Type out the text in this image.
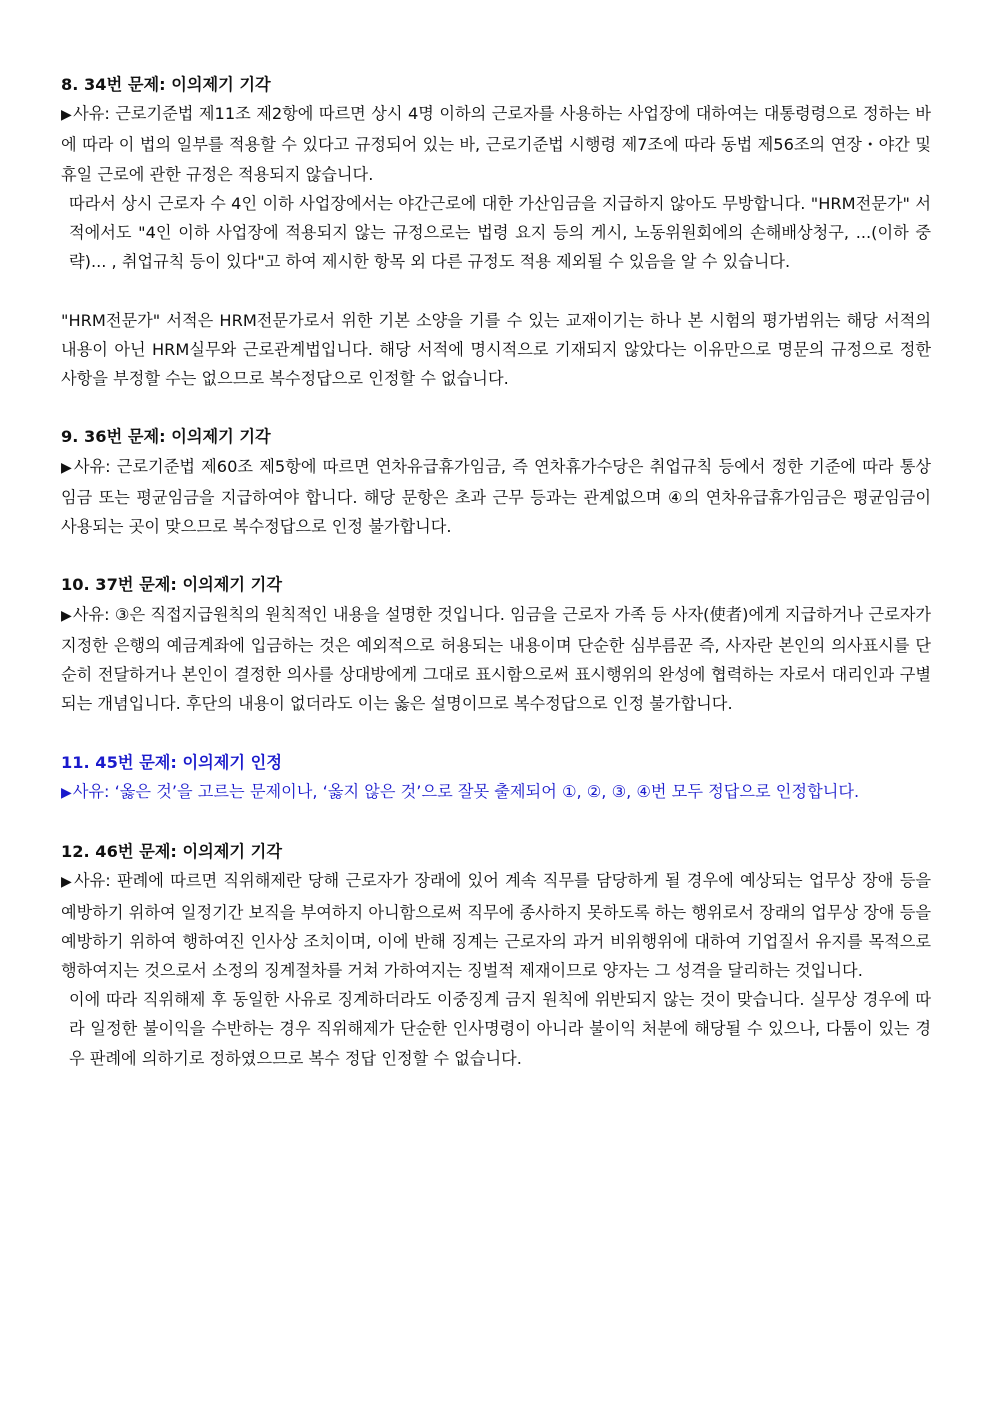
8. 34번 문제: 이의제기 기각

▶사유: 근로기준법 제11조 제2항에 따르면 상시 4명 이하의 근로자를 사용하는 사업장에 대하여는 대통령령으로 정하는 바에 따라 이 법의 일부를 적용할 수 있다고 규정되어 있는 바, 근로기준법 시행령 제7조에 따라 동법 제56조의 연장・야간 및 휴일 근로에 관한 규정은 적용되지 않습니다.

따라서 상시 근로자 수 4인 이하 사업장에서는 야간근로에 대한 가산임금을 지급하지 않아도 무방합니다. "HRM전문가" 서적에서도 "4인 이하 사업장에 적용되지 않는 규정으로는 법령 요지 등의 게시, 노동위원회에의 손해배상청구, ...(이하 중략)... , 취업규칙 등이 있다"고 하여 제시한 항목 외 다른 규정도 적용 제외될 수 있음을 알 수 있습니다.

"HRM전문가" 서적은 HRM전문가로서 위한 기본 소양을 기를 수 있는 교재이기는 하나 본 시험의 평가범위는 해당 서적의 내용이 아닌 HRM실무와 근로관계법입니다. 해당 서적에 명시적으로 기재되지 않았다는 이유만으로 명문의 규정으로 정한 사항을 부정할 수는 없으므로 복수정답으로 인정할 수 없습니다.

9. 36번 문제: 이의제기 기각

▶사유: 근로기준법 제60조 제5항에 따르면 연차유급휴가임금, 즉 연차휴가수당은 취업규칙 등에서 정한 기준에 따라 통상임금 또는 평균임금을 지급하여야 합니다. 해당 문항은 초과 근무 등과는 관계없으며 ④의 연차유급휴가임금은 평균임금이 사용되는 곳이 맞으므로 복수정답으로 인정 불가합니다.

10. 37번 문제: 이의제기 기각

▶사유: ③은 직접지급원칙의 원칙적인 내용을 설명한 것입니다. 임금을 근로자 가족 등 사자(使者)에게 지급하거나 근로자가 지정한 은행의 예금계좌에 입금하는 것은 예외적으로 허용되는 내용이며 단순한 심부름꾼 즉, 사자란 본인의 의사표시를 단순히 전달하거나 본인이 결정한 의사를 상대방에게 그대로 표시함으로써 표시행위의 완성에 협력하는 자로서 대리인과 구별되는 개념입니다. 후단의 내용이 없더라도 이는 옳은 설명이므로 복수정답으로 인정 불가합니다.

11. 45번 문제: 이의제기 인정

▶사유: ‘옳은 것’을 고르는 문제이나, ‘옳지 않은 것’으로 잘못 출제되어 ①, ②, ③, ④번 모두 정답으로 인정합니다.

12. 46번 문제: 이의제기 기각

▶사유: 판례에 따르면 직위해제란 당해 근로자가 장래에 있어 계속 직무를 담당하게 될 경우에 예상되는 업무상 장애 등을 예방하기 위하여 일정기간 보직을 부여하지 아니함으로써 직무에 종사하지 못하도록 하는 행위로서 장래의 업무상 장애 등을 예방하기 위하여 행하여진 인사상 조치이며, 이에 반해 징계는 근로자의 과거 비위행위에 대하여 기업질서 유지를 목적으로 행하여지는 것으로서 소정의 징계절차를 거쳐 가하여지는 징벌적 제재이므로 양자는 그 성격을 달리하는 것입니다.

이에 따라 직위해제 후 동일한 사유로 징계하더라도 이중징계 금지 원칙에 위반되지 않는 것이 맞습니다. 실무상 경우에 따라 일정한 불이익을 수반하는 경우 직위해제가 단순한 인사명령이 아니라 불이익 처분에 해당될 수 있으나, 다툼이 있는 경우 판례에 의하기로 정하였으므로 복수 정답 인정할 수 없습니다.
